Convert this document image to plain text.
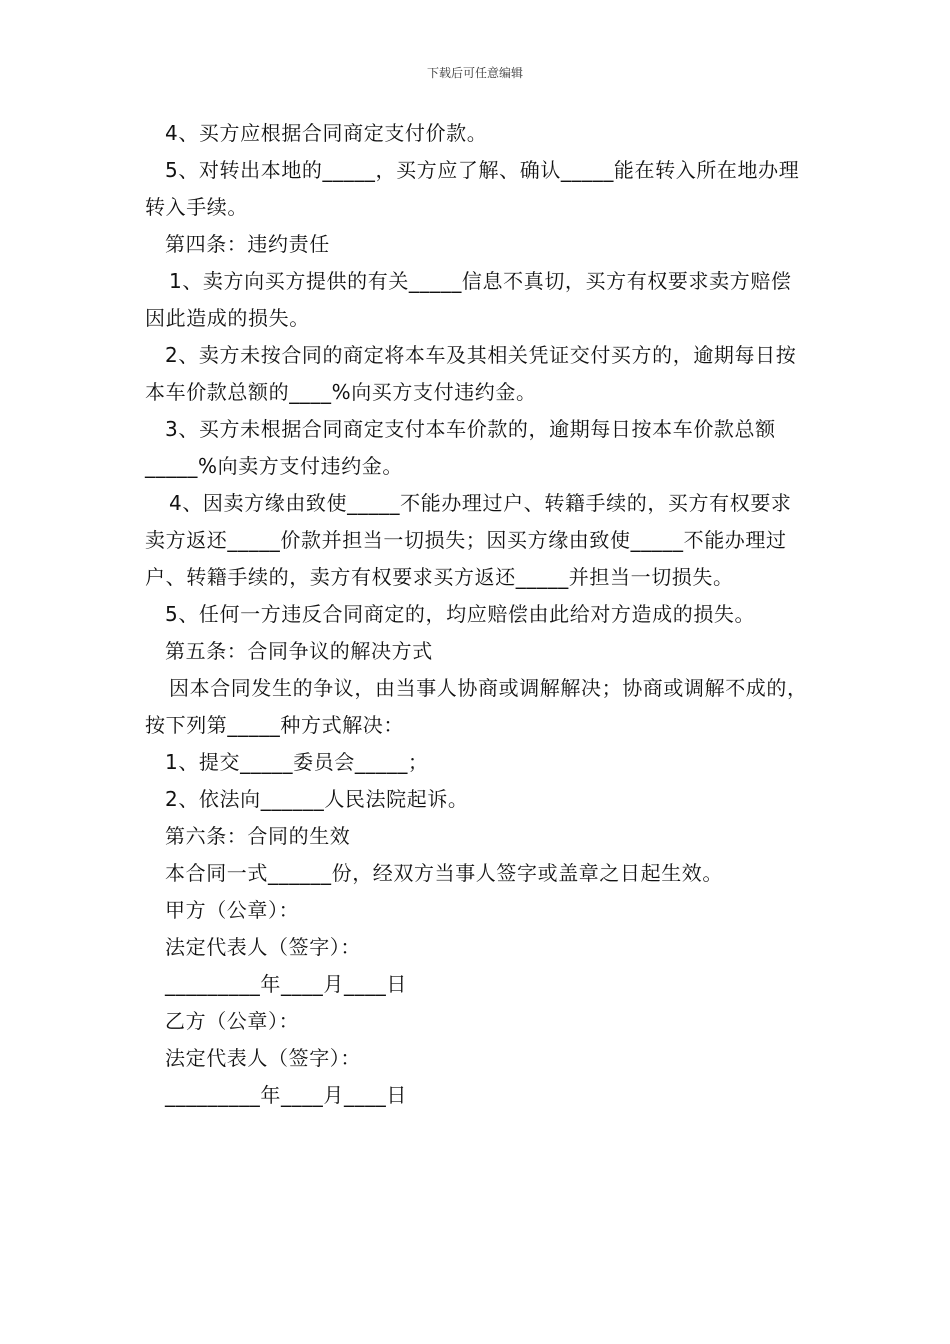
下载后可任意编辑

4、买方应根据合同商定支付价款。

5、对转出本地的_____，买方应了解、确认_____能在转入所在地办理转入手续。

第四条：违约责任

1、卖方向买方提供的有关_____信息不真切，买方有权要求卖方赔偿因此造成的损失。

2、卖方未按合同的商定将本车及其相关凭证交付买方的，逾期每日按本车价款总额的____%向买方支付违约金。

3、买方未根据合同商定支付本车价款的，逾期每日按本车价款总额_____%向卖方支付违约金。

4、因卖方缘由致使_____不能办理过户、转籍手续的，买方有权要求卖方返还_____价款并担当一切损失；因买方缘由致使_____不能办理过户、转籍手续的，卖方有权要求买方返还_____并担当一切损失。

5、任何一方违反合同商定的，均应赔偿由此给对方造成的损失。

第五条：合同争议的解决方式

因本合同发生的争议，由当事人协商或调解解决；协商或调解不成的，按下列第_____种方式解决：

1、提交_____委员会_____；

2、依法向______人民法院起诉。

第六条：合同的生效

本合同一式______份，经双方当事人签字或盖章之日起生效。

甲方（公章）：

法定代表人（签字）：

_________年____月____日

乙方（公章）：

法定代表人（签字）：

_________年____月____日
